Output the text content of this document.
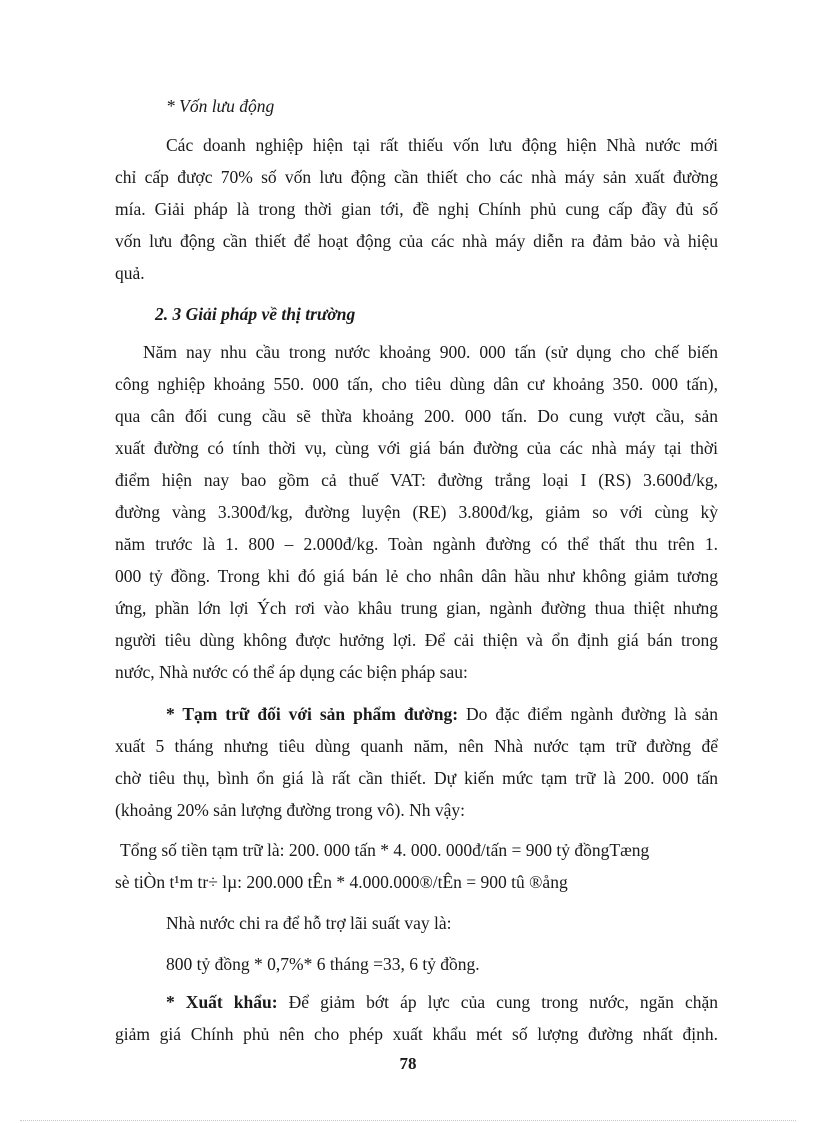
* Vốn lưu động

Các doanh nghiệp hiện tại rất thiếu vốn lưu động hiện Nhà nước mới

chỉ cấp được 70% số vốn lưu động cần thiết cho các nhà máy sản xuất đường

mía. Giải pháp là trong thời gian tới, đề nghị Chính phủ cung cấp đầy đủ số

vốn lưu động cần thiết để hoạt động của các nhà máy diễn ra đảm bảo và hiệu

quả.

2. 3 Giải pháp về thị trường

Năm nay nhu cầu trong nước khoảng 900. 000 tấn (sử dụng cho chế biến

công nghiệp khoảng 550. 000 tấn, cho tiêu dùng dân cư khoảng 350. 000 tấn),

qua cân đối cung cầu sẽ thừa khoảng 200. 000 tấn. Do cung vượt cầu, sản

xuất đường có tính thời vụ, cùng với giá bán đường của các nhà máy tại thời

điểm hiện nay bao gồm cả thuế VAT: đường trắng loại I (RS) 3.600đ/kg,

đường vàng 3.300đ/kg, đường luyện (RE) 3.800đ/kg, giảm so với cùng kỳ

năm trước là 1. 800 – 2.000đ/kg. Toàn ngành đường có thể thất thu trên 1.

000 tỷ đồng. Trong khi đó giá bán lẻ cho nhân dân hầu như không giảm tương

ứng, phần lớn lợi Ých rơi vào khâu trung gian, ngành đường thua thiệt nhưng

người tiêu dùng không được hưởng lợi. Để cải thiện và ổn định giá bán trong

nước, Nhà nước có thể áp dụng các biện pháp sau:

* Tạm trữ đối với sản phẩm đường: Do đặc điểm ngành đường là sản

xuất 5 tháng nhưng tiêu dùng quanh năm, nên Nhà nước tạm trữ đường để

chờ tiêu thụ, bình ổn giá là rất cần thiết. Dự kiến mức tạm trữ là 200. 000 tấn

(khoảng 20% sản lượng đường trong vô). Nh vậy:

Tổng số tiền tạm trữ là: 200. 000 tấn * 4. 000. 000đ/tấn = 900 tỷ đồngTæng

sè tiÒn t¹m tr÷ lµ: 200.000 tÊn * 4.000.000®/tÊn = 900 tû ®ång

Nhà nước chi ra để hỗ trợ lãi suất vay là:

800 tỷ đồng * 0,7%* 6 tháng =33, 6 tỷ đồng.

* Xuất khẩu: Để giảm bớt áp lực của cung trong nước, ngăn chặn

giảm giá Chính phủ nên cho phép xuất khẩu mét số lượng đường nhất định.

78
